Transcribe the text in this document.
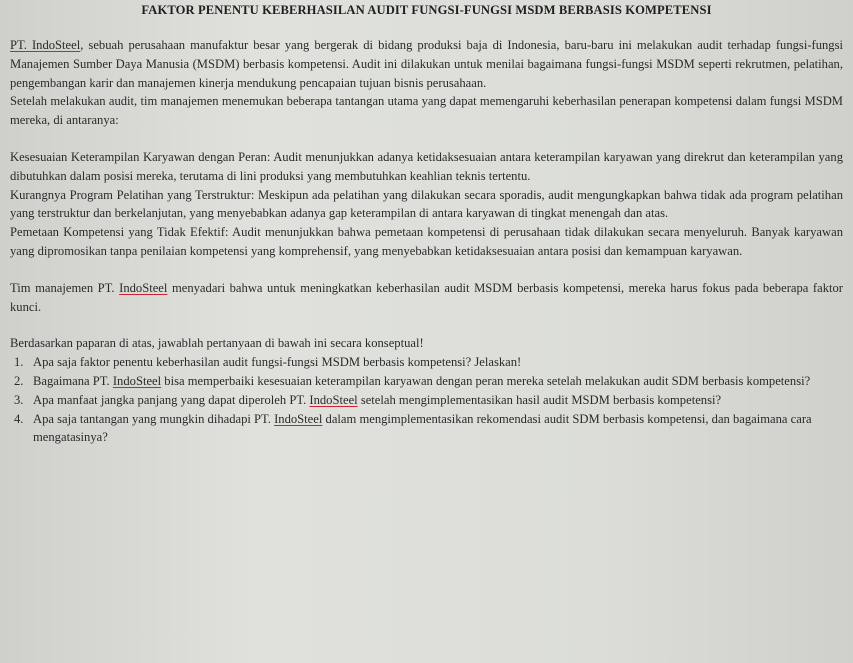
FAKTOR PENENTU KEBERHASILAN AUDIT FUNGSI-FUNGSI MSDM BERBASIS KOMPETENSI

PT. IndoSteel, sebuah perusahaan manufaktur besar yang bergerak di bidang produksi baja di Indonesia, baru-baru ini melakukan audit terhadap fungsi-fungsi Manajemen Sumber Daya Manusia (MSDM) berbasis kompetensi. Audit ini dilakukan untuk menilai bagaimana fungsi-fungsi MSDM seperti rekrutmen, pelatihan, pengembangan karir dan manajemen kinerja mendukung pencapaian tujuan bisnis perusahaan.

Setelah melakukan audit, tim manajemen menemukan beberapa tantangan utama yang dapat memengaruhi keberhasilan penerapan kompetensi dalam fungsi MSDM mereka, di antaranya:

Kesesuaian Keterampilan Karyawan dengan Peran: Audit menunjukkan adanya ketidaksesuaian antara keterampilan karyawan yang direkrut dan keterampilan yang dibutuhkan dalam posisi mereka, terutama di lini produksi yang membutuhkan keahlian teknis tertentu.

Kurangnya Program Pelatihan yang Terstruktur: Meskipun ada pelatihan yang dilakukan secara sporadis, audit mengungkapkan bahwa tidak ada program pelatihan yang terstruktur dan berkelanjutan, yang menyebabkan adanya gap keterampilan di antara karyawan di tingkat menengah dan atas.

Pemetaan Kompetensi yang Tidak Efektif: Audit menunjukkan bahwa pemetaan kompetensi di perusahaan tidak dilakukan secara menyeluruh. Banyak karyawan yang dipromosikan tanpa penilaian kompetensi yang komprehensif, yang menyebabkan ketidaksesuaian antara posisi dan kemampuan karyawan.

Tim manajemen PT. IndoSteel menyadari bahwa untuk meningkatkan keberhasilan audit MSDM berbasis kompetensi, mereka harus fokus pada beberapa faktor kunci.

Berdasarkan paparan di atas, jawablah pertanyaan di bawah ini secara konseptual!

1. Apa saja faktor penentu keberhasilan audit fungsi-fungsi MSDM berbasis kompetensi? Jelaskan!
2. Bagaimana PT. IndoSteel bisa memperbaiki kesesuaian keterampilan karyawan dengan peran mereka setelah melakukan audit SDM berbasis kompetensi?
3. Apa manfaat jangka panjang yang dapat diperoleh PT. IndoSteel setelah mengimplementasikan hasil audit MSDM berbasis kompetensi?
4. Apa saja tantangan yang mungkin dihadapi PT. IndoSteel dalam mengimplementasikan rekomendasi audit SDM berbasis kompetensi, dan bagaimana cara mengatasinya?
